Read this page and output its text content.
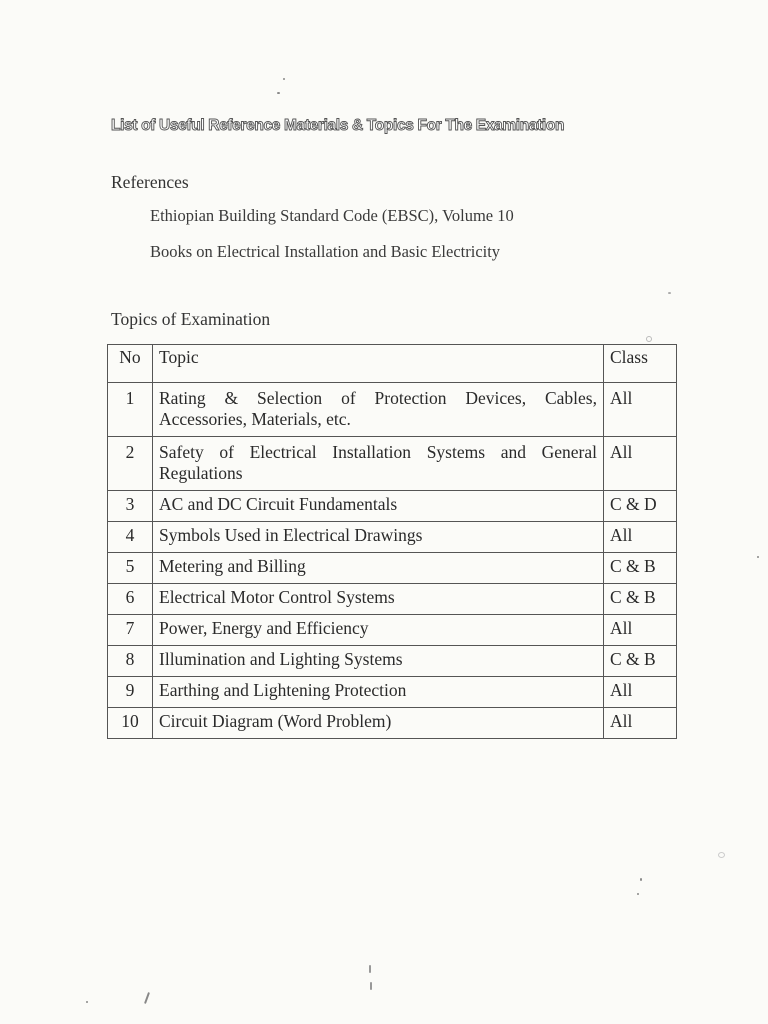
List of Useful Reference Materials & Topics For The Examination
References
Ethiopian Building Standard Code (EBSC), Volume 10
Books on Electrical Installation and Basic Electricity
Topics of Examination
No	Topic	Class
1	Rating & Selection of Protection Devices, Cables, Accessories, Materials, etc.	All
2	Safety of Electrical Installation Systems and General Regulations	All
3	AC and DC Circuit Fundamentals	C & D
4	Symbols Used in Electrical Drawings	All
5	Metering and Billing	C & B
6	Electrical Motor Control Systems	C & B
7	Power, Energy and Efficiency	All
8	Illumination and Lighting Systems	C & B
9	Earthing and Lightening Protection	All
10	Circuit Diagram (Word Problem)	All
